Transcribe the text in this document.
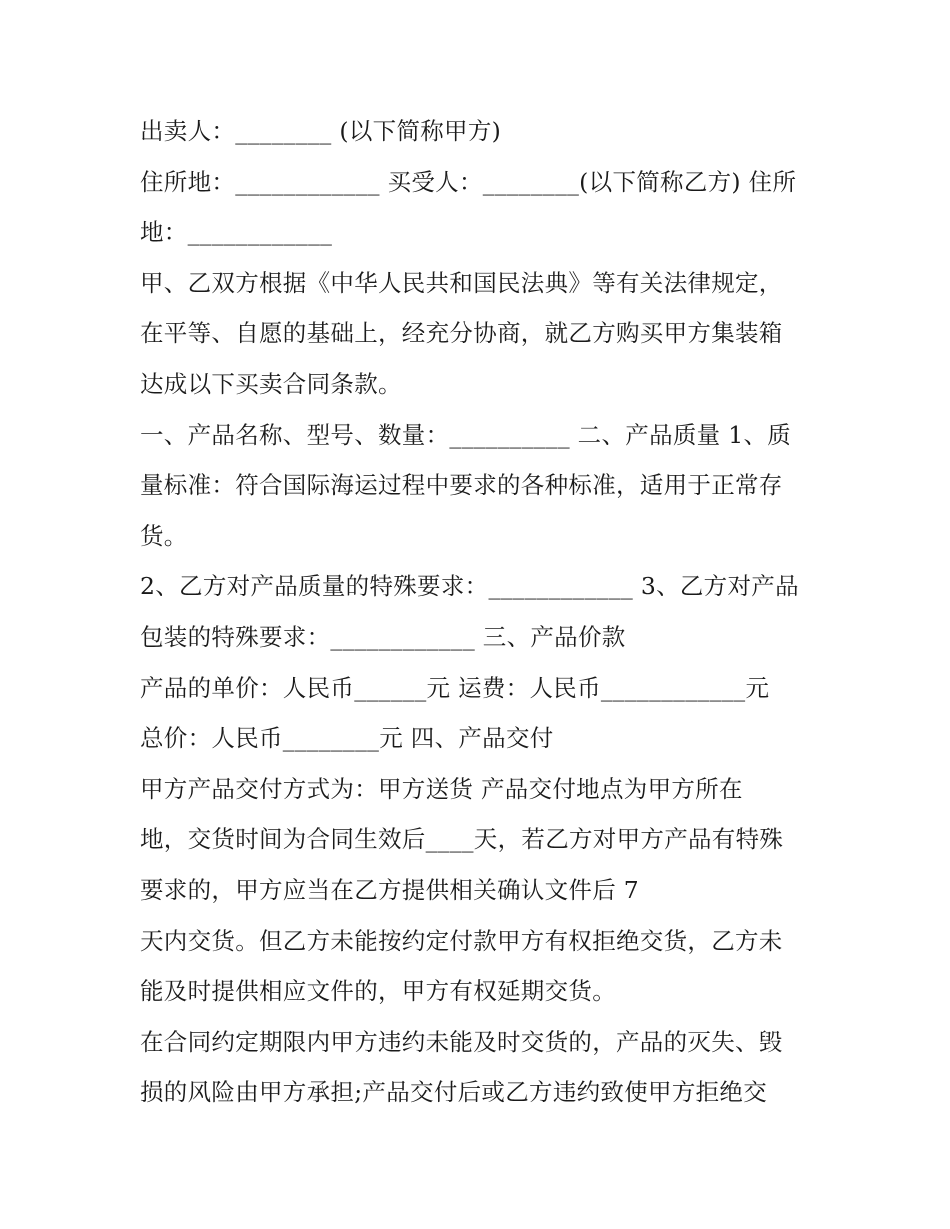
出卖人：________ (以下简称甲方)
住所地：____________ 买受人：________(以下简称乙方) 住所
地：____________
甲、乙双方根据《中华人民共和国民法典》等有关法律规定，
在平等、自愿的基础上，经充分协商，就乙方购买甲方集装箱
达成以下买卖合同条款。
一、产品名称、型号、数量：__________ 二、产品质量 1、质
量标准：符合国际海运过程中要求的各种标准，适用于正常存
货。
2、乙方对产品质量的特殊要求：____________ 3、乙方对产品
包装的特殊要求：____________ 三、产品价款
产品的单价：人民币______元 运费：人民币____________元
总价：人民币________元 四、产品交付
甲方产品交付方式为：甲方送货 产品交付地点为甲方所在
地，交货时间为合同生效后____天，若乙方对甲方产品有特殊
要求的，甲方应当在乙方提供相关确认文件后 7
天内交货。但乙方未能按约定付款甲方有权拒绝交货，乙方未
能及时提供相应文件的，甲方有权延期交货。
在合同约定期限内甲方违约未能及时交货的，产品的灭失、毁
损的风险由甲方承担;产品交付后或乙方违约致使甲方拒绝交
